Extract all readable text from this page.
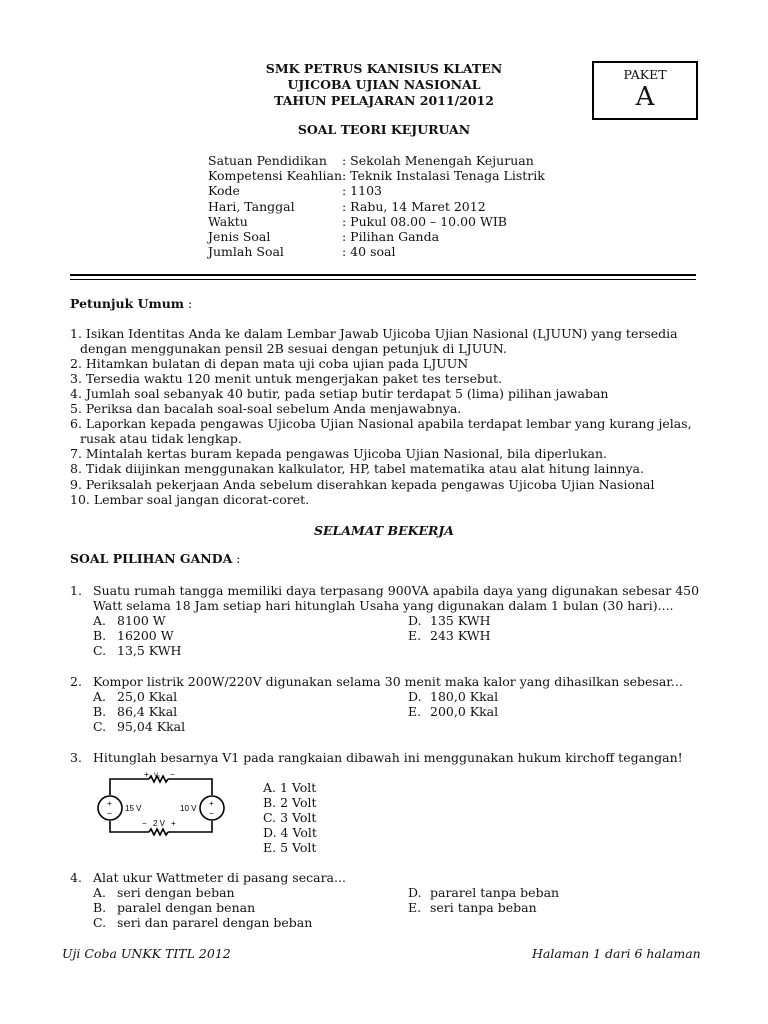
SMK PETRUS KANISIUS KLATEN
UJICOBA UJIAN NASIONAL
TAHUN PELAJARAN 2011/2012
SOAL TEORI KEJURUAN
PAKET
A
Satuan Pendidikan : Sekolah Menengah Kejuruan
Kompetensi Keahlian : Teknik Instalasi Tenaga Listrik
Kode	: 1103
Hari, Tanggal	: Rabu, 14 Maret 2012
Waktu	: Pukul 08.00 – 10.00 WIB
Jenis Soal	: Pilihan Ganda
Jumlah Soal	: 40 soal
Petunjuk Umum :
1. Isikan Identitas Anda ke dalam Lembar Jawab Ujicoba Ujian Nasional (LJUUN) yang tersedia
dengan menggunakan pensil 2B sesuai dengan petunjuk di LJUUN.
2. Hitamkan bulatan di depan mata uji coba ujian pada LJUUN
3. Tersedia waktu 120 menit untuk mengerjakan paket tes tersebut.
4. Jumlah soal sebanyak 40 butir, pada setiap butir terdapat 5 (lima) pilihan jawaban
5. Periksa dan bacalah soal-soal sebelum Anda menjawabnya.
6. Laporkan kepada pengawas Ujicoba Ujian Nasional apabila terdapat lembar yang kurang jelas,
rusak atau tidak lengkap.
7. Mintalah kertas buram kepada pengawas Ujicoba Ujian Nasional, bila diperlukan.
8. Tidak diijinkan menggunakan kalkulator, HP, tabel matematika atau alat hitung lainnya.
9. Periksalah pekerjaan Anda sebelum diserahkan kepada pengawas Ujicoba Ujian Nasional
10. Lembar soal jangan dicorat-coret.
SELAMAT BEKERJA
SOAL PILIHAN GANDA :
1. Suatu rumah tangga memiliki daya terpasang 900VA apabila daya yang digunakan sebesar 450
Watt selama 18 Jam setiap hari hitunglah Usaha yang digunakan dalam 1 bulan (30 hari)....
A. 8100 W	D. 135 KWH
B. 16200 W	E. 243 KWH
C. 13,5 KWH
2. Kompor listrik 200W/220V digunakan selama 30 menit maka kalor yang dihasilkan sebesar...
A. 25,0 Kkal	D. 180,0 Kkal
B. 86,4 Kkal	E. 200,0 Kkal
C. 95,04 Kkal
3. Hitunglah besarnya V1 pada rangkaian dibawah ini menggunakan hukum kirchoff tegangan!
+
−
+
−
15 V	10 V
2 V
V₁
+	−
−	+
A. 1 Volt
B. 2 Volt
C. 3 Volt
D. 4 Volt
E. 5 Volt
4. Alat ukur Wattmeter di pasang secara...
A. seri dengan beban	D. pararel tanpa beban
B. paralel dengan benan	E. seri tanpa beban
C. seri dan pararel dengan beban
Uji Coba UNKK TITL 2012	Halaman 1 dari 6 halaman
